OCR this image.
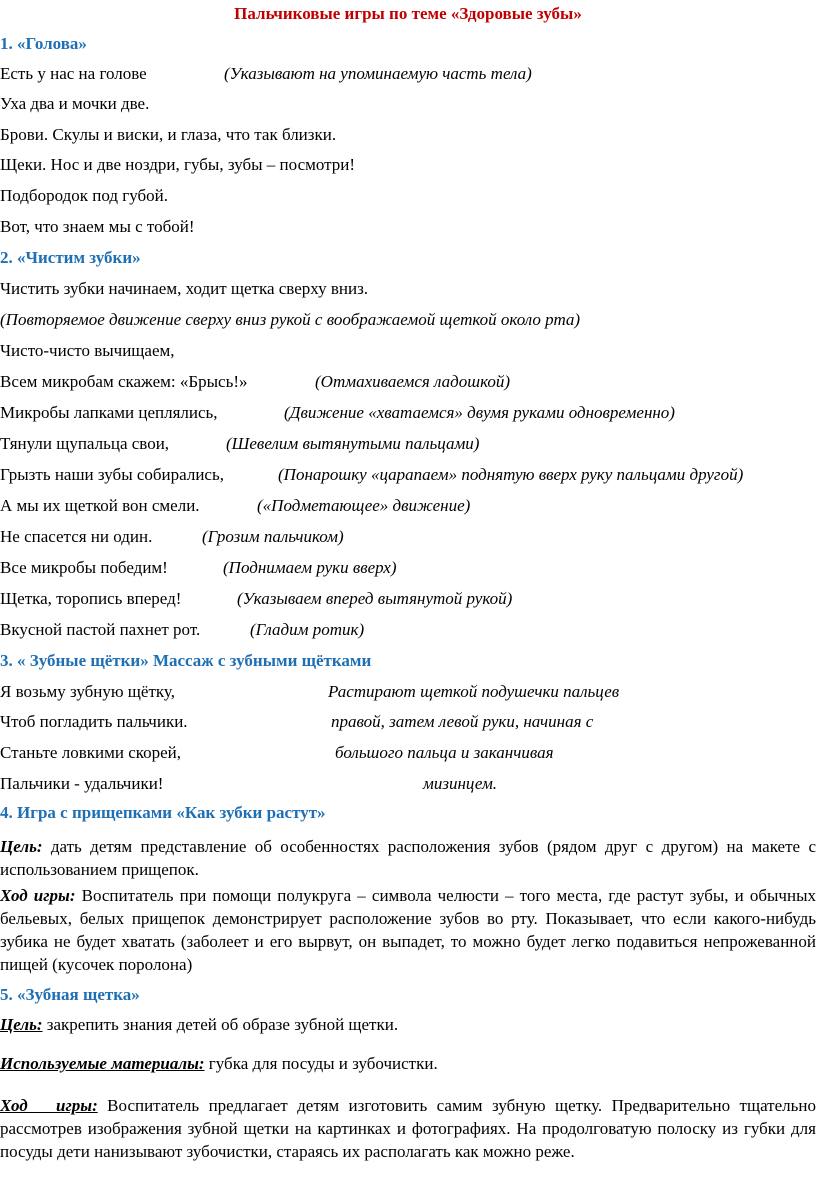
Пальчиковые игры по теме «Здоровые зубы»
1. «Голова»
Есть у нас на голове	(Указывают на упоминаемую часть тела)
Уха два и мочки две.
Брови. Скулы и виски, и глаза, что так близки.
Щеки. Нос и две ноздри, губы, зубы – посмотри!
Подбородок под губой.
Вот, что знаем мы с тобой!
2. «Чистим зубки»
Чистить зубки начинаем, ходит щетка сверху вниз.
(Повторяемое движение сверху вниз рукой с воображаемой щеткой около рта)
Чисто-чисто вычищаем,
Всем микробам скажем: «Брысь!»	(Отмахиваемся ладошкой)
Микробы лапками цеплялись,	(Движение «хватаемся» двумя руками одновременно)
Тянули щупальца свои,	(Шевелим вытянутыми пальцами)
Грызть наши зубы собирались,	(Понарошку «царапаем» поднятую вверх руку пальцами другой)
А мы их щеткой вон смели.	(«Подметающее» движение)
Не спасется ни один.	(Грозим пальчиком)
Все микробы победим!	(Поднимаем руки вверх)
Щетка, торопись вперед!	(Указываем вперед вытянутой рукой)
Вкусной пастой пахнет рот.	(Гладим ротик)
3. « Зубные щётки» Массаж с зубными щётками
Я возьму зубную щётку,	Растирают щеткой подушечки пальцев
Чтоб погладить пальчики.	правой, затем левой руки, начиная с
Станьте ловкими скорей,	большого пальца и заканчивая
Пальчики - удальчики!	мизинцем.
4. Игра с прищепками «Как зубки растут»
Цель: дать детям представление об особенностях расположения зубов (рядом друг с другом) на макете с использованием прищепок.
Ход игры: Воспитатель при помощи полукруга – символа челюсти – того места, где растут зубы, и обычных бельевых, белых прищепок демонстрирует расположение зубов во рту. Показывает, что если какого-нибудь зубика не будет хватать (заболеет и его вырвут, он выпадет, то можно будет легко подавиться непрожеванной пищей (кусочек поролона)
5. «Зубная щетка»
Цель: закрепить знания детей об образе зубной щетки.
Используемые материалы: губка для посуды и зубочистки.
Ход   игры: Воспитатель предлагает детям изготовить самим зубную щетку. Предварительно тщательно рассмотрев изображения зубной щетки на картинках и фотографиях. На продолговатую полоску из губки для посуды дети нанизывают зубочистки, стараясь их располагать как можно реже.
